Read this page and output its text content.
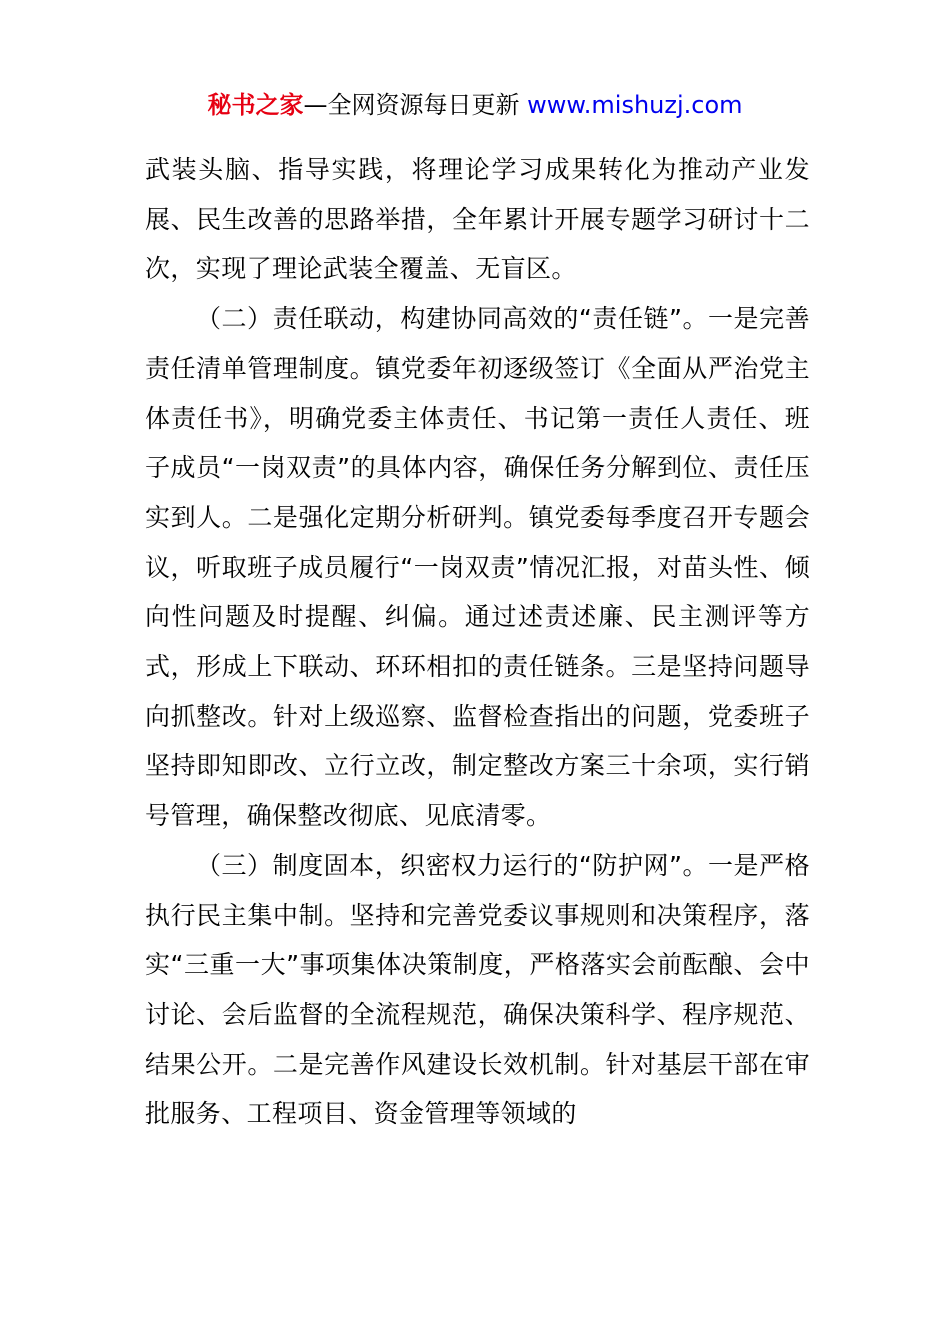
秘书之家—全网资源每日更新 www.mishuzj.com

武装头脑、指导实践，将理论学习成果转化为推动产业发展、民生改善的思路举措，全年累计开展专题学习研讨十二次，实现了理论武装全覆盖、无盲区。

（二）责任联动，构建协同高效的“责任链”。一是完善责任清单管理制度。镇党委年初逐级签订《全面从严治党主体责任书》，明确党委主体责任、书记第一责任人责任、班子成员“一岗双责”的具体内容，确保任务分解到位、责任压实到人。二是强化定期分析研判。镇党委每季度召开专题会议，听取班子成员履行“一岗双责”情况汇报，对苗头性、倾向性问题及时提醒、纠偏。通过述责述廉、民主测评等方式，形成上下联动、环环相扣的责任链条。三是坚持问题导向抓整改。针对上级巡察、监督检查指出的问题，党委班子坚持即知即改、立行立改，制定整改方案三十余项，实行销号管理，确保整改彻底、见底清零。

（三）制度固本，织密权力运行的“防护网”。一是严格执行民主集中制。坚持和完善党委议事规则和决策程序，落实“三重一大”事项集体决策制度，严格落实会前酝酿、会中讨论、会后监督的全流程规范，确保决策科学、程序规范、结果公开。二是完善作风建设长效机制。针对基层干部在审批服务、工程项目、资金管理等领域的
